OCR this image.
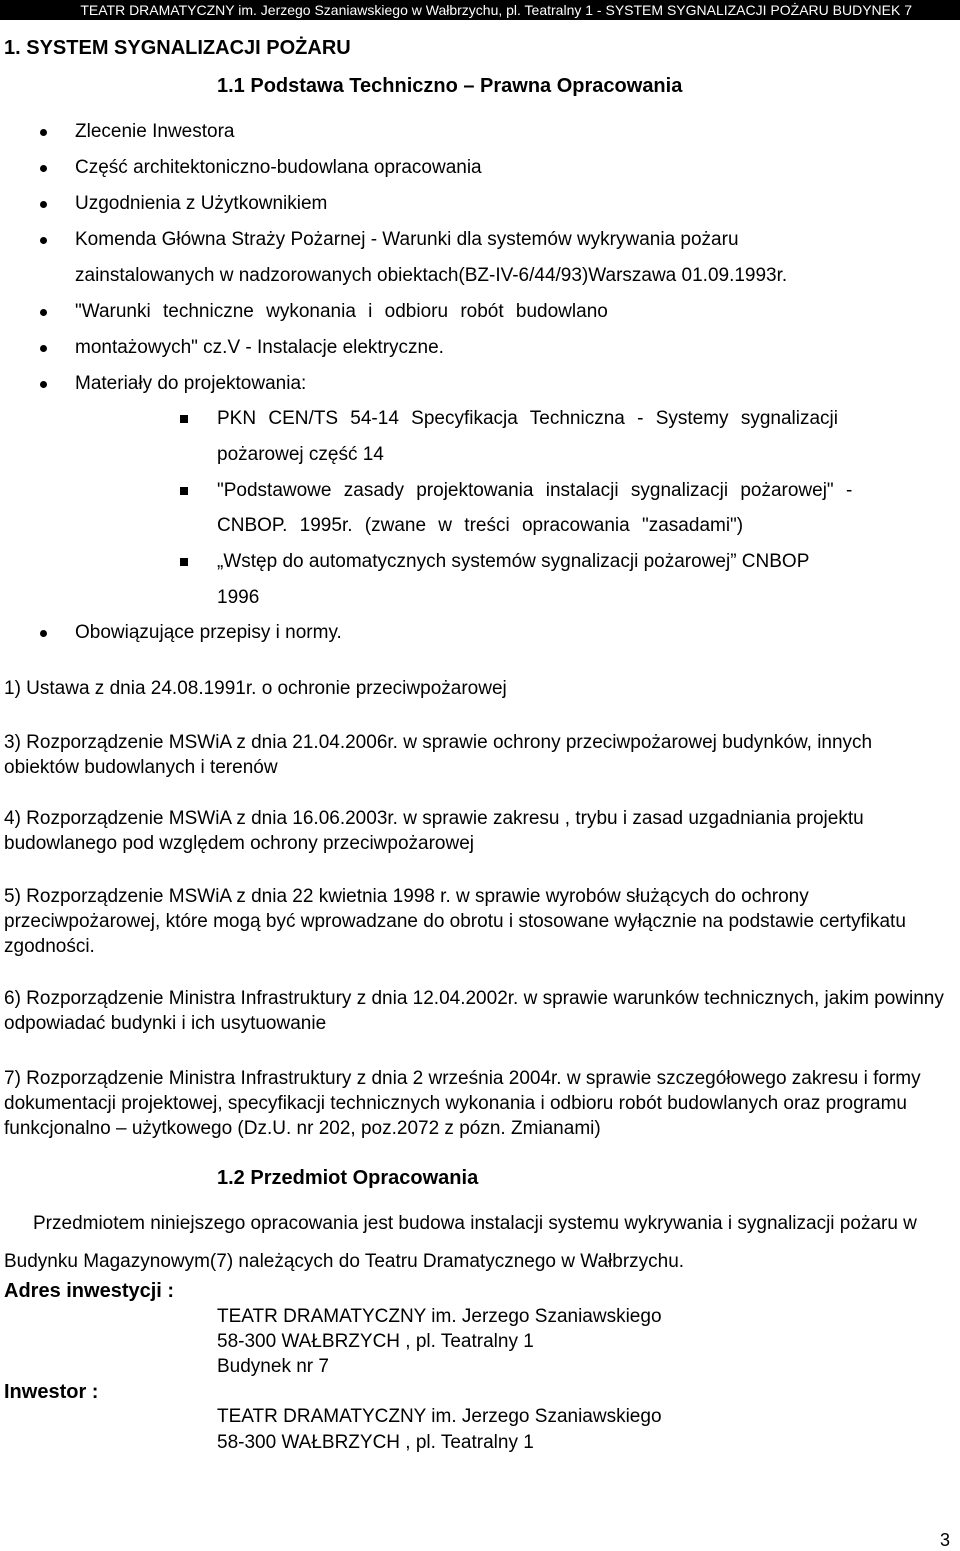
TEATR DRAMATYCZNY im. Jerzego Szaniawskiego w Wałbrzychu, pl. Teatralny 1 - SYSTEM SYGNALIZACJI POŻARU BUDYNEK 7
1. SYSTEM SYGNALIZACJI POŻARU
1.1 Podstawa Techniczno – Prawna Opracowania
Zlecenie Inwestora
Część architektoniczno-budowlana opracowania
Uzgodnienia z Użytkownikiem
Komenda Główna Straży Pożarnej - Warunki dla systemów wykrywania pożaru
zainstalowanych w nadzorowanych obiektach(BZ-IV-6/44/93)Warszawa 01.09.1993r.
"Warunki techniczne wykonania i odbioru robót budowlano
montażowych" cz.V - Instalacje elektryczne.
Materiały do projektowania:
PKN CEN/TS 54-14 Specyfikacja Techniczna - Systemy sygnalizacji
pożarowej część 14
"Podstawowe zasady projektowania instalacji sygnalizacji pożarowej" -
CNBOP. 1995r. (zwane w treści opracowania "zasadami")
„Wstęp do automatycznych systemów sygnalizacji pożarowej” CNBOP
1996
Obowiązujące przepisy i normy.
1) Ustawa z dnia 24.08.1991r. o ochronie przeciwpożarowej
3) Rozporządzenie MSWiA z dnia 21.04.2006r. w sprawie ochrony przeciwpożarowej budynków, innych obiektów budowlanych i terenów
4) Rozporządzenie MSWiA z dnia 16.06.2003r. w sprawie zakresu , trybu i zasad uzgadniania projektu budowlanego pod względem ochrony przeciwpożarowej
5) Rozporządzenie MSWiA z dnia 22 kwietnia 1998 r. w sprawie wyrobów służących do ochrony przeciwpożarowej, które mogą być wprowadzane do obrotu i stosowane wyłącznie na podstawie certyfikatu zgodności.
6) Rozporządzenie Ministra Infrastruktury z dnia 12.04.2002r. w sprawie warunków technicznych, jakim powinny odpowiadać budynki i ich usytuowanie
7) Rozporządzenie Ministra Infrastruktury z dnia 2 września 2004r. w sprawie szczegółowego zakresu i formy dokumentacji projektowej, specyfikacji technicznych wykonania i odbioru robót budowlanych oraz programu funkcjonalno – użytkowego (Dz.U. nr 202, poz.2072 z pózn. Zmianami)
1.2 Przedmiot Opracowania
Przedmiotem niniejszego opracowania jest budowa instalacji systemu wykrywania i sygnalizacji pożaru w Budynku Magazynowym(7) należących do Teatru Dramatycznego w Wałbrzychu.
Adres inwestycji :
TEATR DRAMATYCZNY im. Jerzego Szaniawskiego
58-300 WAŁBRZYCH , pl. Teatralny 1
Budynek nr 7
Inwestor :
TEATR DRAMATYCZNY im. Jerzego Szaniawskiego
58-300 WAŁBRZYCH , pl. Teatralny 1
3
